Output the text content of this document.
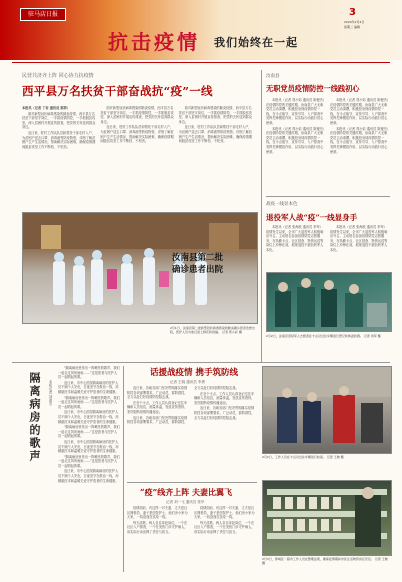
驻马店日报
抗击疫情 我们始终在一起
3
2020年2月4日
星期二 编辑
民营共济齐上阵 同心协力抗疫情
西平县万名扶贫干部奋战抗“疫”一线

本报讯（记者 丁岩 通讯员 郭菲）

面对新型冠状病毒感染的肺炎疫情，西平县万名扶贫干部坚守岗位，一手抓疫情防控，一手抓脱贫攻坚，深入贫困村开展宣传排查，把党的关怀送到群众身边。

连日来，驻村工作队队员和帮扶干部走村入户，为贫困户送去口罩、消毒液等防疫物资，详细了解贫困户生产生活情况，帮助解决实际困难，确保疫情期间脱贫攻坚工作不断档、不松劲。

面对新型冠状病毒感染的肺炎疫情，西平县万名扶贫干部坚守岗位，一手抓疫情防控，一手抓脱贫攻坚，深入贫困村开展宣传排查，把党的关怀送到群众身边。

连日来，驻村工作队队员和帮扶干部走村入户，为贫困户送去口罩、消毒液等防疫物资，详细了解贫困户生产生活情况，帮助解决实际困难，确保疫情期间脱贫攻坚工作不断档、不松劲。

面对新型冠状病毒感染的肺炎疫情，西平县万名扶贫干部坚守岗位，一手抓疫情防控，一手抓脱贫攻坚，深入贫困村开展宣传排查，把党的关怀送到群众身边。

连日来，驻村工作队队员和帮扶干部走村入户，为贫困户送去口罩、消毒液等防疫物资，详细了解贫困户生产生活情况，帮助解决实际困难，确保疫情期间脱贫攻坚工作不断档、不松劲。

汝南县第二批
确诊患者出院
2月1日，汝南县第二批新型冠状病毒感染的肺炎确诊患者治愈出院，医护人员为他们送上鲜花和祝福。 记者 郑小彩 摄
汝南县
无职党员疫情防控一线践初心

本报讯（记者 郑小彩 通讯员 陈俊杰）在疫情防控的关键时期，汝南县广大无职党员主动请缨，积极投身到疫情防控一线，在卡点值守、宣传引导、入户排查中发挥先锋模范作用，以实际行动践行初心使命。

本报讯（记者 郑小彩 通讯员 陈俊杰）在疫情防控的关键时期，汝南县广大无职党员主动请缨，积极投身到疫情防控一线，在卡点值守、宣传引导、入户排查中发挥先锋模范作用，以实际行动践行初心使命。

本报讯（记者 郑小彩 通讯员 陈俊杰）在疫情防控的关键时期，汝南县广大无职党员主动请缨，积极投身到疫情防控一线，在卡点值守、宣传引导、入户排查中发挥先锋模范作用，以实际行动践行初心使命。

本报讯（记者 郑小彩 通讯员 陈俊杰）在疫情防控的关键时期，汝南县广大无职党员主动请缨，积极投身到疫情防控一线，在卡点值守、宣传引导、入户排查中发挥先锋模范作用，以实际行动践行初心使命。

战疫一线显本色
退役军人战“疫”一线显身手

本报讯（记者 张海波 通讯员 李军）疫情发生以来，全市广大退役军人积极响应号召，主动报名参加疫情防控志愿服务，在执勤卡点、社区排查、物资运送等岗位上冲锋在前，展现退役不褪色的军人本色。

本报讯（记者 张海波 通讯员 李军）疫情发生以来，全市广大退役军人积极响应号召，主动报名参加疫情防控志愿服务，在执勤卡点、社区排查、物资运送等岗位上冲锋在前，展现退役不褪色的军人本色。

2月2日，汝南县退役军人志愿者在卡点对过往车辆进行登记和体温检测。 记者 刘军 摄
隔离病房的歌声	本报记者 刘淑芳

“隔离病房里传出一阵嘹亮的歌声，我们一起走过风风雨雨……”这是患者与医护人员一起唱起的歌。

连日来，市中心医院隔离病房的医护人员不顾个人安危，日夜坚守在救治一线，用精湛医术和温暖关爱守护患者的生命健康。

“隔离病房里传出一阵嘹亮的歌声，我们一起走过风风雨雨……”这是患者与医护人员一起唱起的歌。

连日来，市中心医院隔离病房的医护人员不顾个人安危，日夜坚守在救治一线，用精湛医术和温暖关爱守护患者的生命健康。

“隔离病房里传出一阵嘹亮的歌声，我们一起走过风风雨雨……”这是患者与医护人员一起唱起的歌。

连日来，市中心医院隔离病房的医护人员不顾个人安危，日夜坚守在救治一线，用精湛医术和温暖关爱守护患者的生命健康。

“隔离病房里传出一阵嘹亮的歌声，我们一起走过风风雨雨……”这是患者与医护人员一起唱起的歌。

连日来，市中心医院隔离病房的医护人员不顾个人安危，日夜坚守在救治一线，用精湛医术和温暖关爱守护患者的生命健康。

话援战疫情 携手筑防线
记者 王晓 通讯员 李勇

连日来，各地各部门坚决贯彻落实疫情防控各项部署要求，广泛动员，群防群控，全力以赴打好疫情防控阻击战。

在各个卡点，工作人员认真登记过往车辆和人员信息，测量体温，发放宣传资料，坚决阻断疫情传播途径。

连日来，各地各部门坚决贯彻落实疫情防控各项部署要求，广泛动员，群防群控，全力以赴打好疫情防控阻击战。

在各个卡点，工作人员认真登记过往车辆和人员信息，测量体温，发放宣传资料，坚决阻断疫情传播途径。

连日来，各地各部门坚决贯彻落实疫情防控各项部署要求，广泛动员，群防群控，全力以赴打好疫情防控阻击战。

“疫”线齐上阵 夫妻比翼飞
记者 刘一飞 通讯员 张华

疫情面前，有这样一对夫妻，丈夫是社区网格员，妻子是医院护士，他们舍小家为大家，一同奋战在抗疫一线。

每天清晨，两人各自奔赴岗位，一个在社区入户排查，一个在发热门诊守护病人，用实际行动诠释了责任与担当。

疫情面前，有这样一对夫妻，丈夫是社区网格员，妻子是医院护士，他们舍小家为大家，一同奋战在抗疫一线。

每天清晨，两人各自奔赴岗位，一个在社区入户排查，一个在发热门诊守护病人，用实际行动诠释了责任与担当。

2月2日，工作人员在卡点对过往车辆进行检查。 记者 王晓 摄
2月3日，驿城区一超市工作人员在整理货架，确保疫情期间市民生活物资供应充足。 记者 王晓 摄
